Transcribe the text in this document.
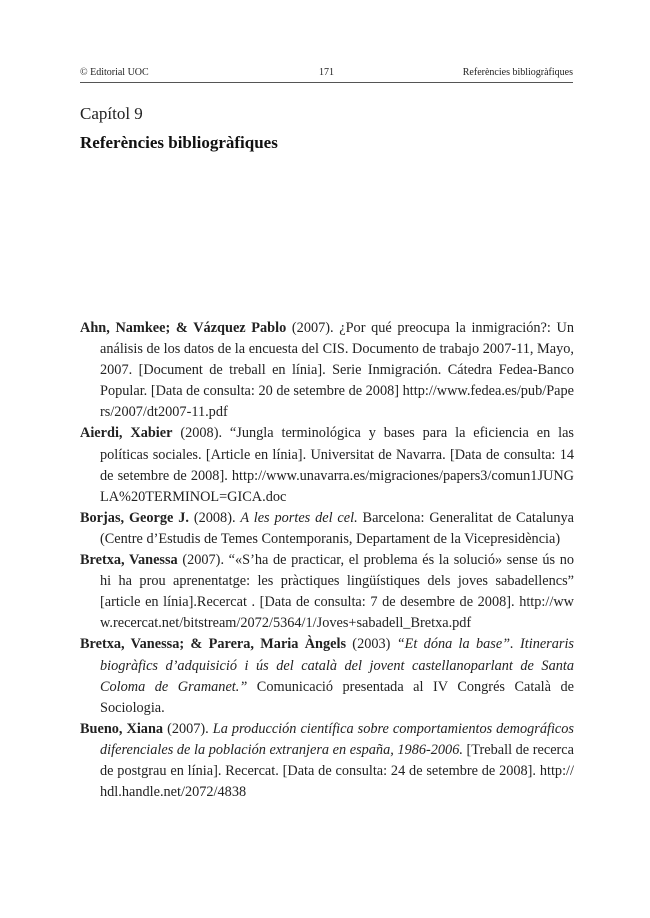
© Editorial UOC	171	Referències bibliogràfiques
Capítol 9
Referències bibliogràfiques

Ahn, Namkee; & Vázquez Pablo (2007). ¿Por qué preocupa la inmigración?: Un análisis de los datos de la encuesta del CIS. Documento de trabajo 2007-11, Mayo, 2007. [Document de treball en línia]. Serie Inmigración. Cátedra Fedea-Banco Popular. [Data de consulta: 20 de setembre de 2008] http://www.fedea.es/pub/Papers/2007/dt2007-11.pdf

Aierdi, Xabier (2008). “Jungla terminológica y bases para la eficiencia en las políticas sociales. [Article en línia]. Universitat de Navarra. [Data de consulta: 14 de setembre de 2008]. http://www.unavarra.es/migraciones/papers3/comun1JUNGLA%20TERMINOL=GICA.doc

Borjas, George J. (2008). A les portes del cel. Barcelona: Generalitat de Catalunya (Centre d’Estudis de Temes Contemporanis, Departament de la Vicepresidència)

Bretxa, Vanessa (2007). “«S’ha de practicar, el problema és la solució» sense ús no hi ha prou aprenentatge: les pràctiques lingüístiques dels joves sabadellencs” [article en línia].Recercat . [Data de consulta: 7 de desembre de 2008]. http://www.recercat.net/bitstream/2072/5364/1/Joves+sabadell_Bretxa.pdf

Bretxa, Vanessa; & Parera, Maria Àngels (2003) “Et dóna la base”. Itineraris biogràfics d’adquisició i ús del català del jovent castellanoparlant de Santa Coloma de Gramanet.” Comunicació presentada al IV Congrés Català de Sociologia.

Bueno, Xiana (2007). La producción científica sobre comportamientos demográficos diferenciales de la población extranjera en españa, 1986-2006. [Treball de recerca de postgrau en línia]. Recercat. [Data de consulta: 24 de setembre de 2008]. http://hdl.handle.net/2072/4838
